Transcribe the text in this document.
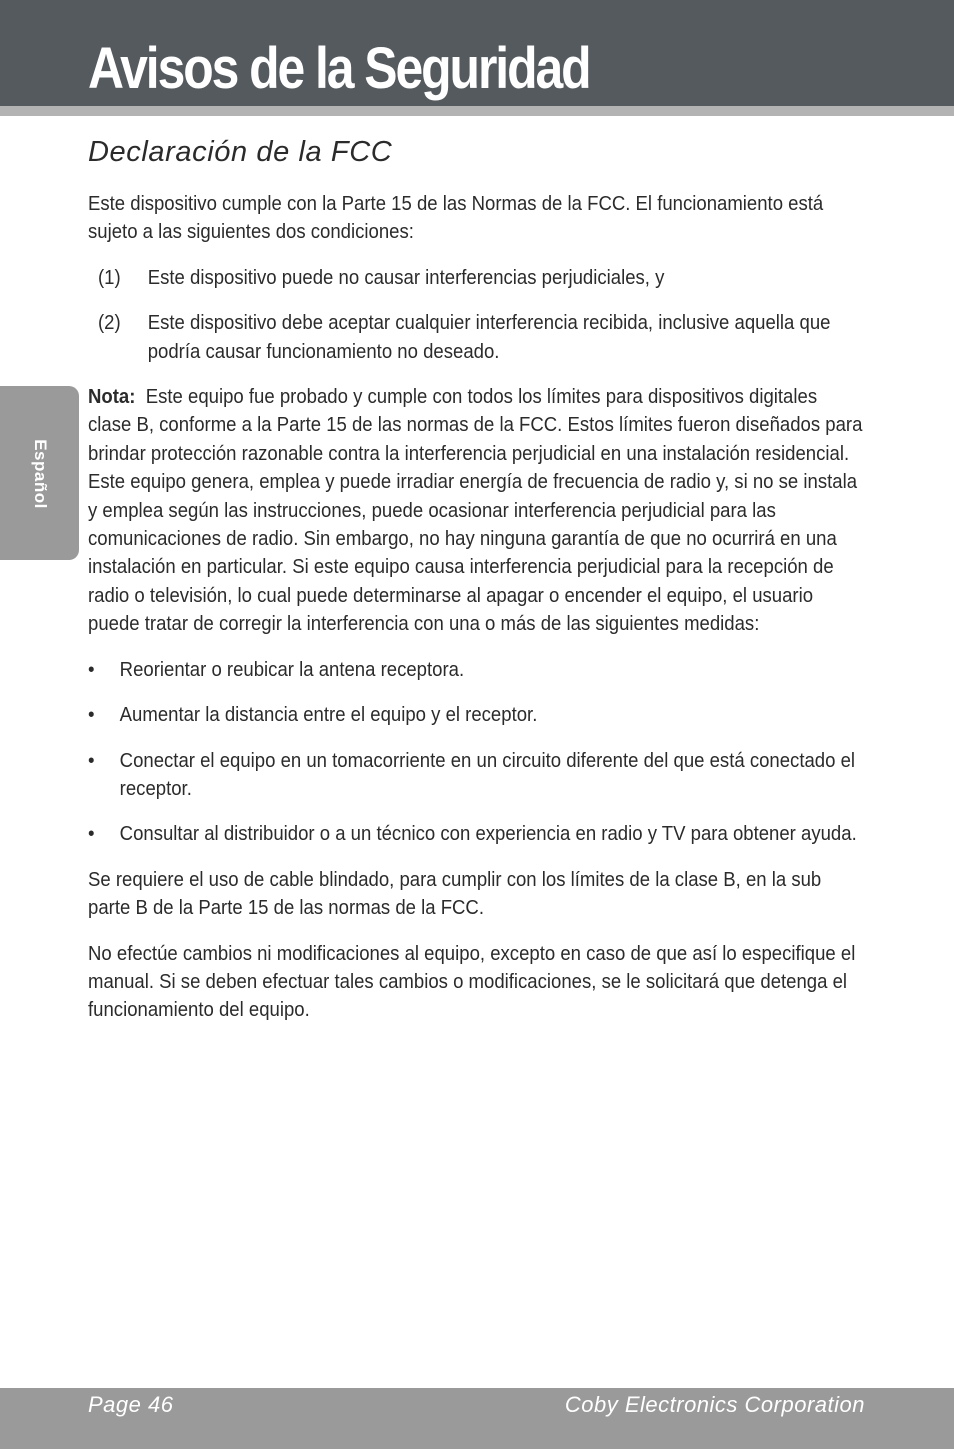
Avisos de la Seguridad
Español
Declaración de la FCC

Este dispositivo cumple con la Parte 15 de las Normas de la FCC. El funcionamiento está sujeto a las siguientes dos condiciones:

(1) Este dispositivo puede no causar interferencias perjudiciales, y
(2) Este dispositivo debe aceptar cualquier interferencia recibida, inclusive aquella que podría causar funcionamiento no deseado.

Nota: Este equipo fue probado y cumple con todos los límites para dispositivos digitales clase B, conforme a la Parte 15 de las normas de la FCC. Estos límites fueron diseñados para brindar protección razonable contra la interferencia perjudicial en una instalación residencial. Este equipo genera, emplea y puede irradiar energía de frecuencia de radio y, si no se instala y emplea según las instrucciones, puede ocasionar interferencia perjudicial para las comunicaciones de radio. Sin embargo, no hay ninguna garantía de que no ocurrirá en una instalación en particular. Si este equipo causa interferencia perjudicial para la recepción de radio o televisión, lo cual puede determinarse al apagar o encender el equipo, el usuario puede tratar de corregir la interferencia con una o más de las siguientes medidas:

• Reorientar o reubicar la antena receptora.
• Aumentar la distancia entre el equipo y el receptor.
• Conectar el equipo en un tomacorriente en un circuito diferente del que está conectado el receptor.
• Consultar al distribuidor o a un técnico con experiencia en radio y TV para obtener ayuda.

Se requiere el uso de cable blindado, para cumplir con los límites de la clase B, en la sub parte B de la Parte 15 de las normas de la FCC.

No efectúe cambios ni modificaciones al equipo, excepto en caso de que así lo especifique el manual. Si se deben efectuar tales cambios o modificaciones, se le solicitará que detenga el funcionamiento del equipo.

Page 46	Coby Electronics Corporation
